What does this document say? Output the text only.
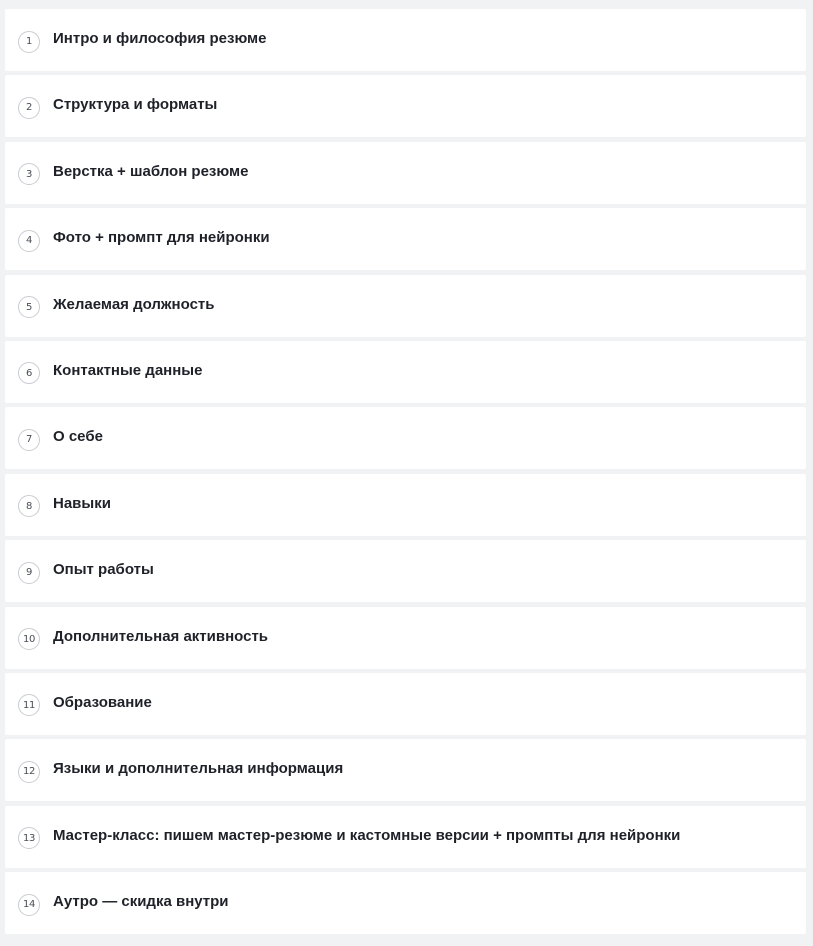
1	Интро и философия резюме
2	Структура и форматы
3	Верстка + шаблон резюме
4	Фото + промпт для нейронки
5	Желаемая должность
6	Контактные данные
7	О себе
8	Навыки
9	Опыт работы
10	Дополнительная активность
11	Образование
12	Языки и дополнительная информация
13	Мастер-класс: пишем мастер-резюме и кастомные версии + промпты для нейронки
14	Аутро — скидка внутри
